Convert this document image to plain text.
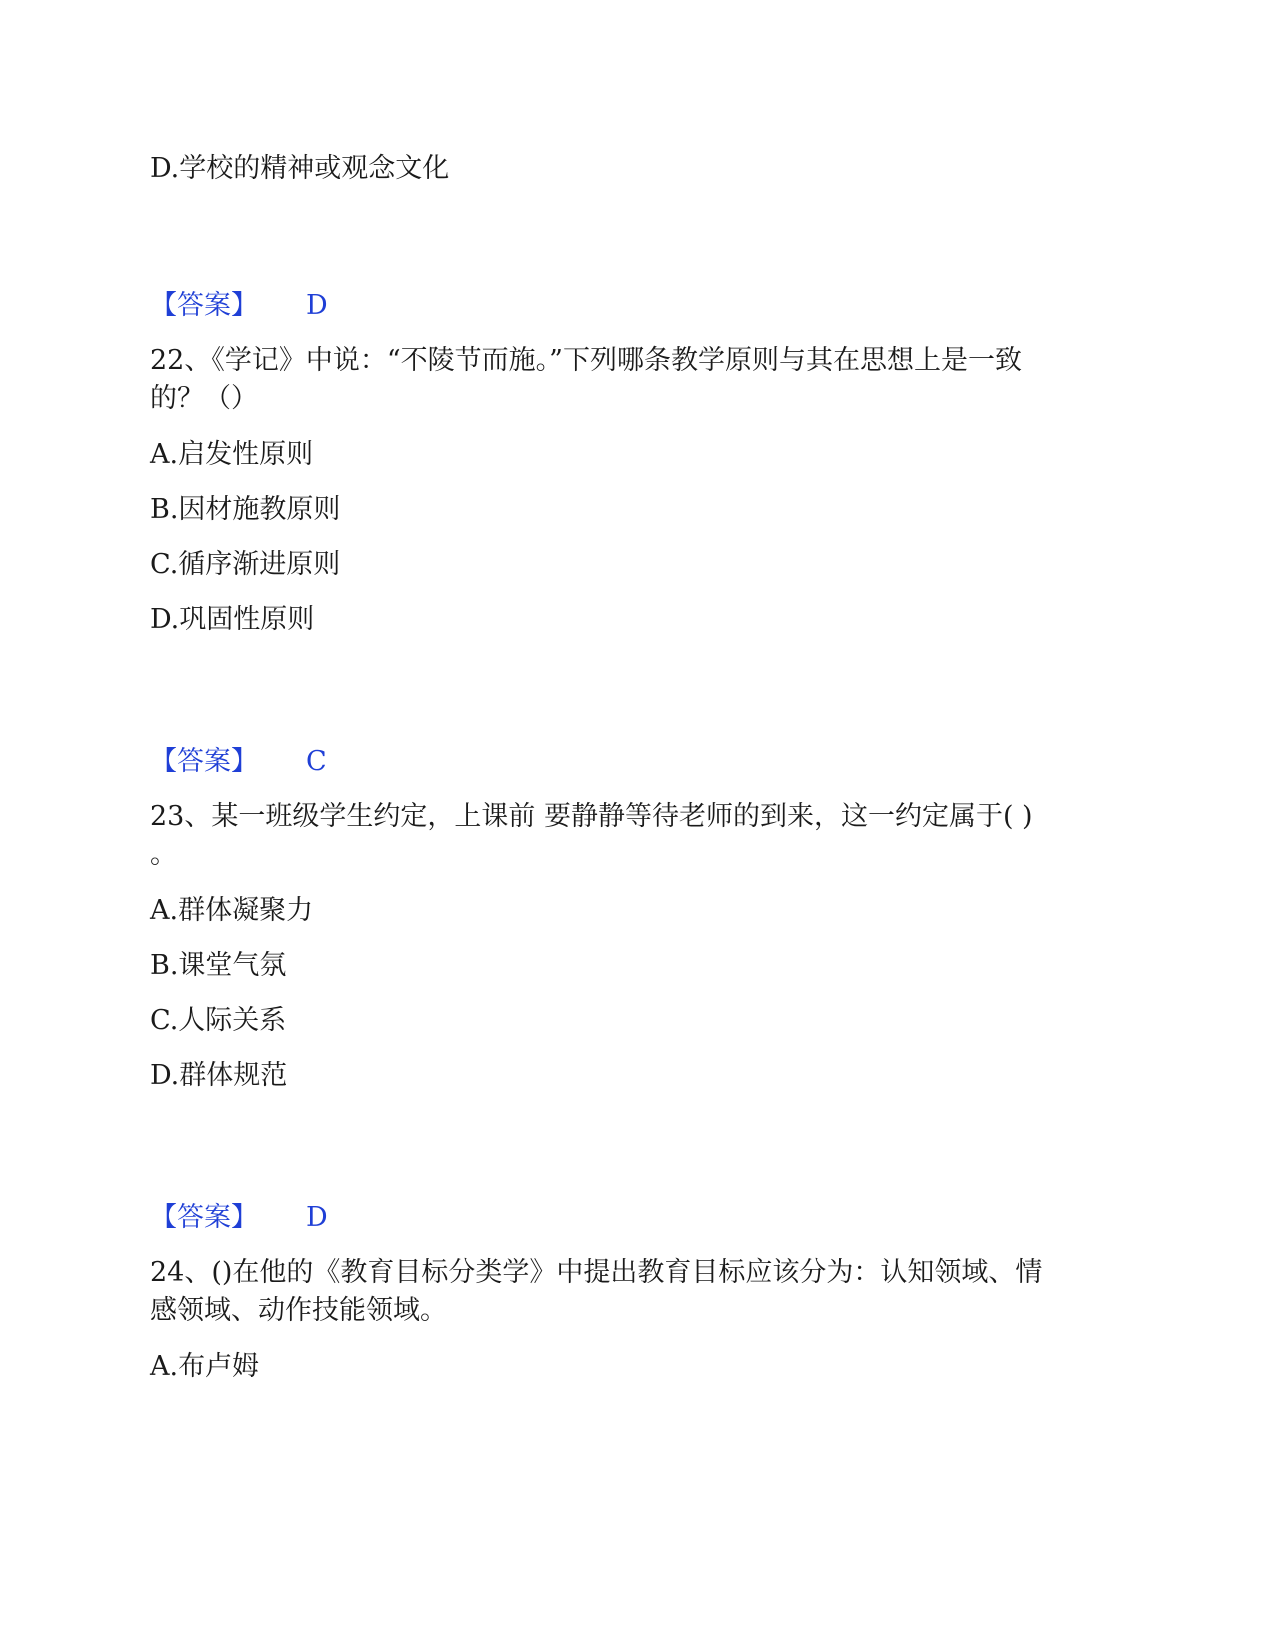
D.学校的精神或观念文化
【答案】 D
22、《学记》中说：“不陵节而施。”下列哪条教学原则与其在思想上是一致
的？（）
A.启发性原则
B.因材施教原则
C.循序渐进原则
D.巩固性原则
【答案】 C
23、某一班级学生约定，上课前 要静静等待老师的到来，这一约定属于( )
。
A.群体凝聚力
B.课堂气氛
C.人际关系
D.群体规范
【答案】 D
24、()在他的《教育目标分类学》中提出教育目标应该分为：认知领域、情
感领域、动作技能领域。
A.布卢姆
